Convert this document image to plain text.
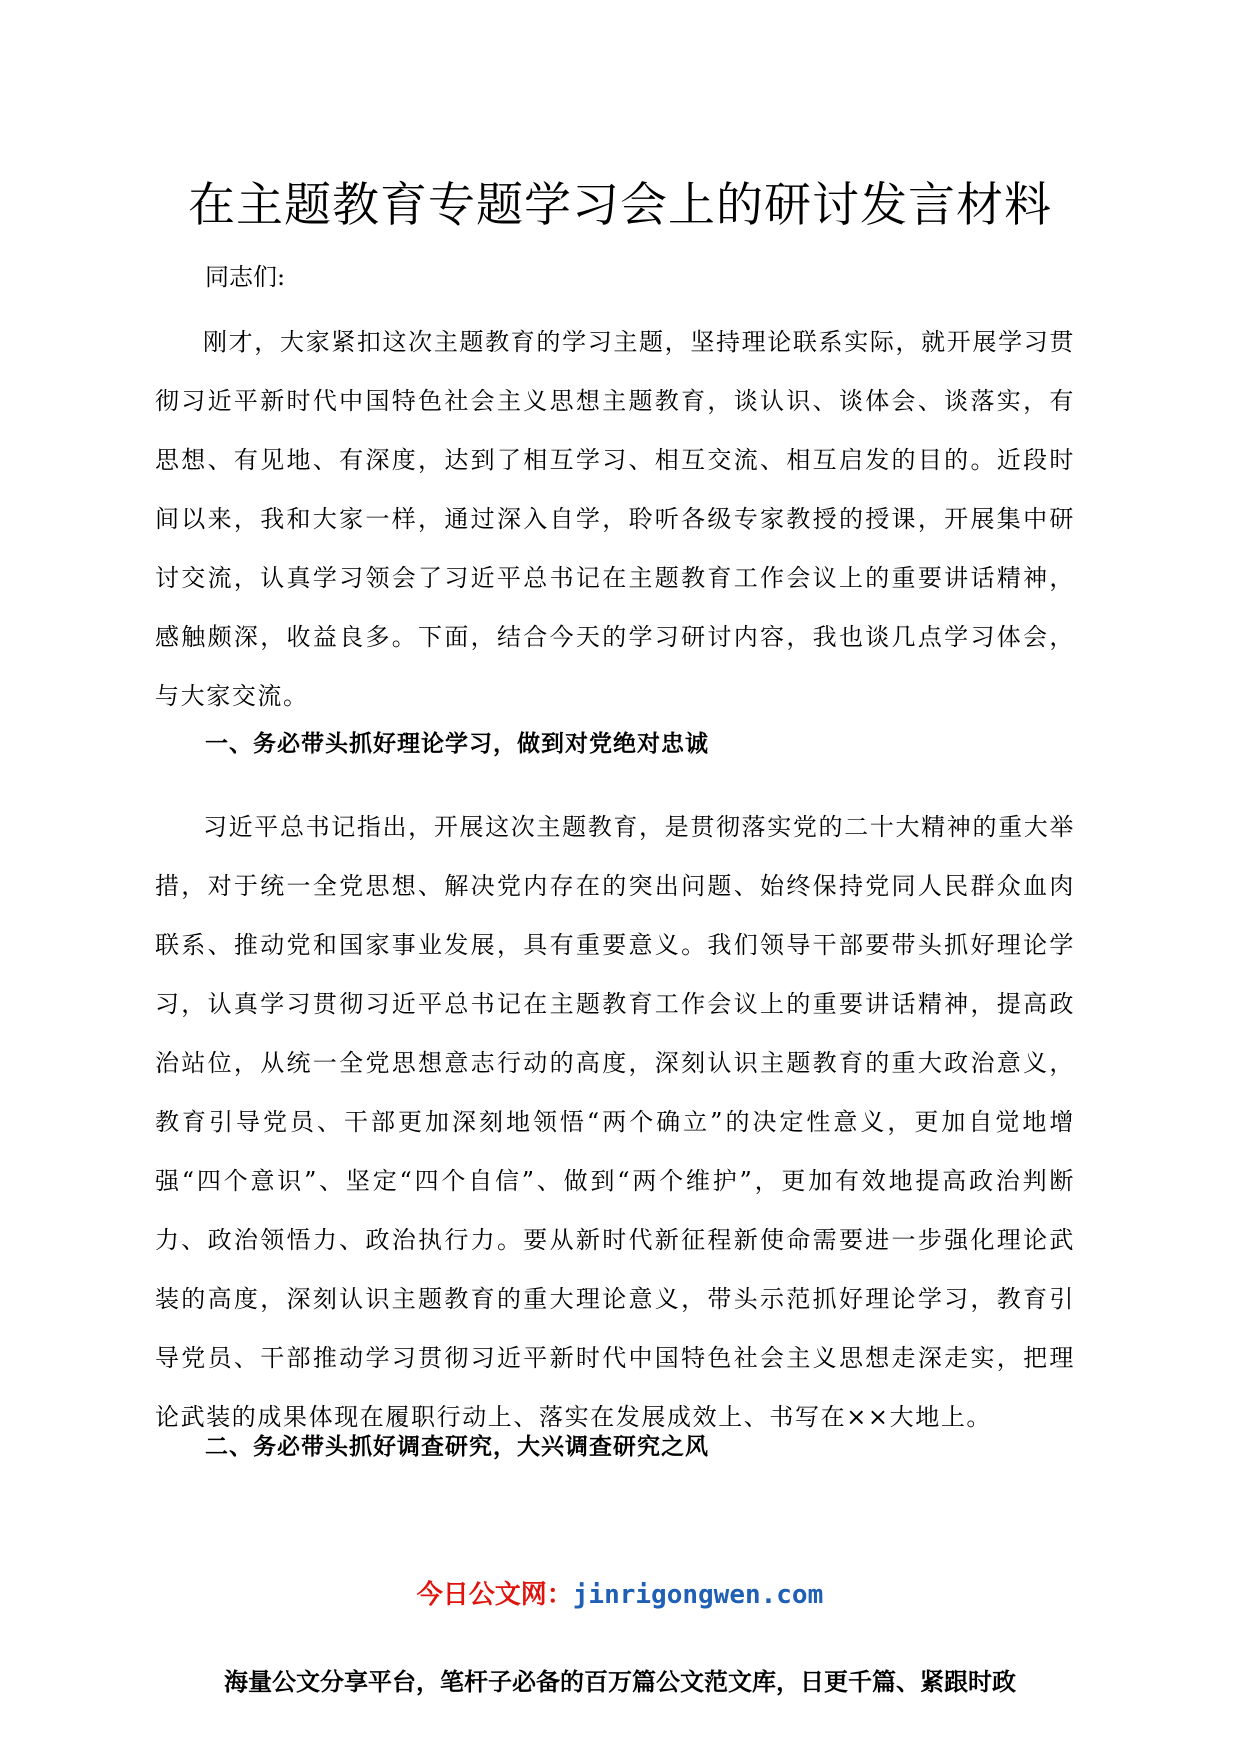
在主题教育专题学习会上的研讨发言材料
同志们:

刚才，大家紧扣这次主题教育的学习主题，坚持理论联系实际，就开展学习贯彻习近平新时代中国特色社会主义思想主题教育，谈认识、谈体会、谈落实，有思想、有见地、有深度，达到了相互学习、相互交流、相互启发的目的。近段时间以来，我和大家一样，通过深入自学，聆听各级专家教授的授课，开展集中研讨交流，认真学习领会了习近平总书记在主题教育工作会议上的重要讲话精神，感触颇深，收益良多。下面，结合今天的学习研讨内容，我也谈几点学习体会，与大家交流。

一、务必带头抓好理论学习，做到对党绝对忠诚

习近平总书记指出，开展这次主题教育，是贯彻落实党的二十大精神的重大举措，对于统一全党思想、解决党内存在的突出问题、始终保持党同人民群众血肉联系、推动党和国家事业发展，具有重要意义。我们领导干部要带头抓好理论学习，认真学习贯彻习近平总书记在主题教育工作会议上的重要讲话精神，提高政治站位，从统一全党思想意志行动的高度，深刻认识主题教育的重大政治意义，教育引导党员、干部更加深刻地领悟“两个确立”的决定性意义，更加自觉地增强“四个意识”、坚定“四个自信”、做到“两个维护”，更加有效地提高政治判断力、政治领悟力、政治执行力。要从新时代新征程新使命需要进一步强化理论武装的高度，深刻认识主题教育的重大理论意义，带头示范抓好理论学习，教育引导党员、干部推动学习贯彻习近平新时代中国特色社会主义思想走深走实，把理论武装的成果体现在履职行动上、落实在发展成效上、书写在××大地上。

二、务必带头抓好调查研究，大兴调查研究之风
今日公文网：jinrigongwen.com
海量公文分享平台，笔杆子必备的百万篇公文范文库，日更千篇、紧跟时政
